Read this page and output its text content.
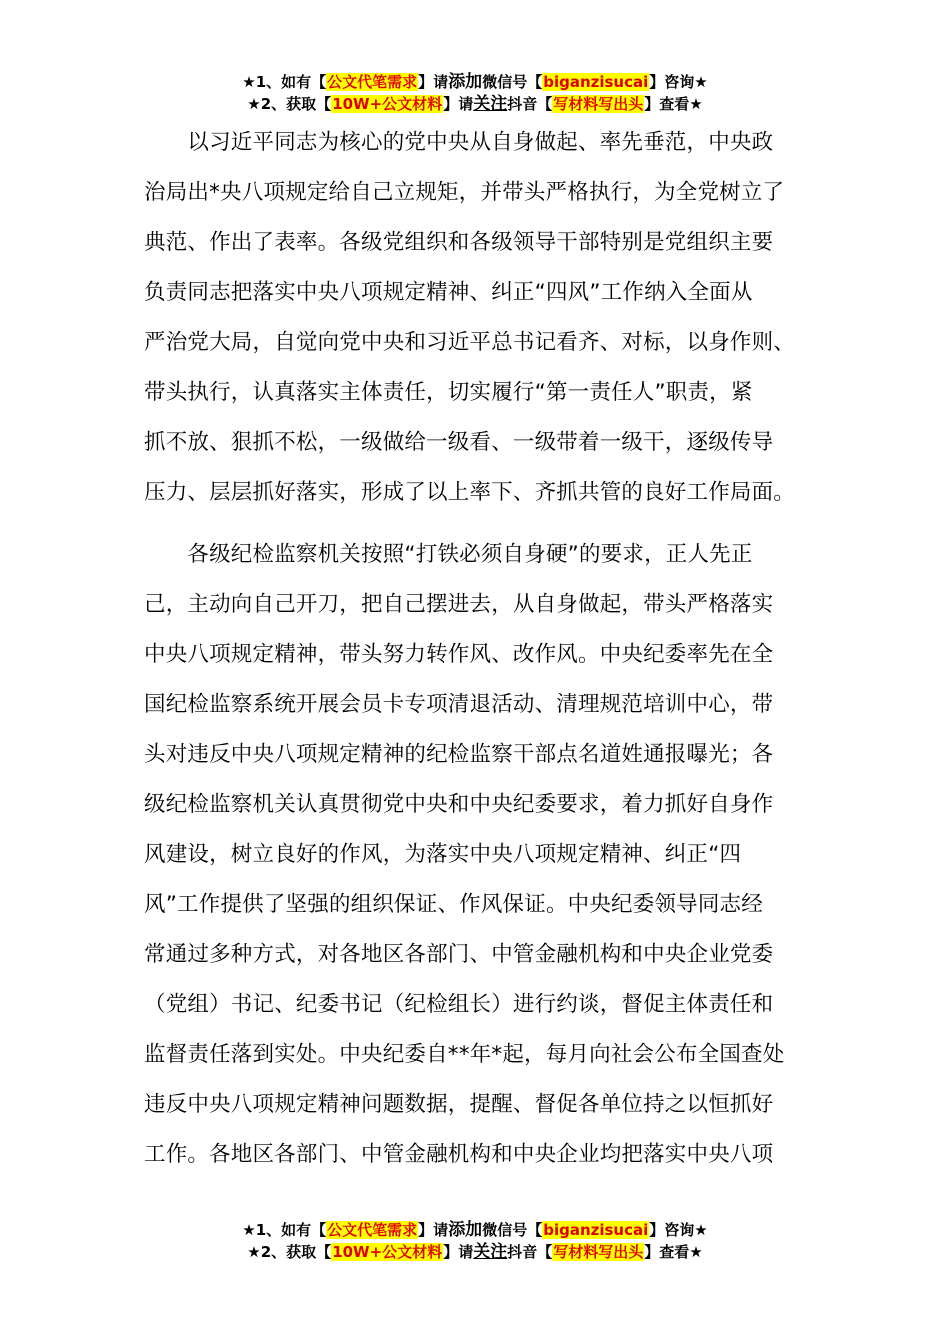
★1、如有【公文代笔需求】请添加微信号【biganzisucai】咨询★
★2、获取【10W+公文材料】请关注抖音【写材料写出头】查看★
　　以习近平同志为核心的党中央从自身做起、率先垂范，中央政
治局出*央八项规定给自己立规矩，并带头严格执行，为全党树立了
典范、作出了表率。各级党组织和各级领导干部特别是党组织主要
负责同志把落实中央八项规定精神、纠正“四风”工作纳入全面从
严治党大局，自觉向党中央和习近平总书记看齐、对标，以身作则、
带头执行，认真落实主体责任，切实履行“第一责任人”职责，紧
抓不放、狠抓不松，一级做给一级看、一级带着一级干，逐级传导
压力、层层抓好落实，形成了以上率下、齐抓共管的良好工作局面。
　　各级纪检监察机关按照“打铁必须自身硬”的要求，正人先正
己，主动向自己开刀，把自己摆进去，从自身做起，带头严格落实
中央八项规定精神，带头努力转作风、改作风。中央纪委率先在全
国纪检监察系统开展会员卡专项清退活动、清理规范培训中心，带
头对违反中央八项规定精神的纪检监察干部点名道姓通报曝光；各
级纪检监察机关认真贯彻党中央和中央纪委要求，着力抓好自身作
风建设，树立良好的作风，为落实中央八项规定精神、纠正“四
风”工作提供了坚强的组织保证、作风保证。中央纪委领导同志经
常通过多种方式，对各地区各部门、中管金融机构和中央企业党委
（党组）书记、纪委书记（纪检组长）进行约谈，督促主体责任和
监督责任落到实处。中央纪委自**年*起，每月向社会公布全国查处
违反中央八项规定精神问题数据，提醒、督促各单位持之以恒抓好
工作。各地区各部门、中管金融机构和中央企业均把落实中央八项
★1、如有【公文代笔需求】请添加微信号【biganzisucai】咨询★
★2、获取【10W+公文材料】请关注抖音【写材料写出头】查看★
